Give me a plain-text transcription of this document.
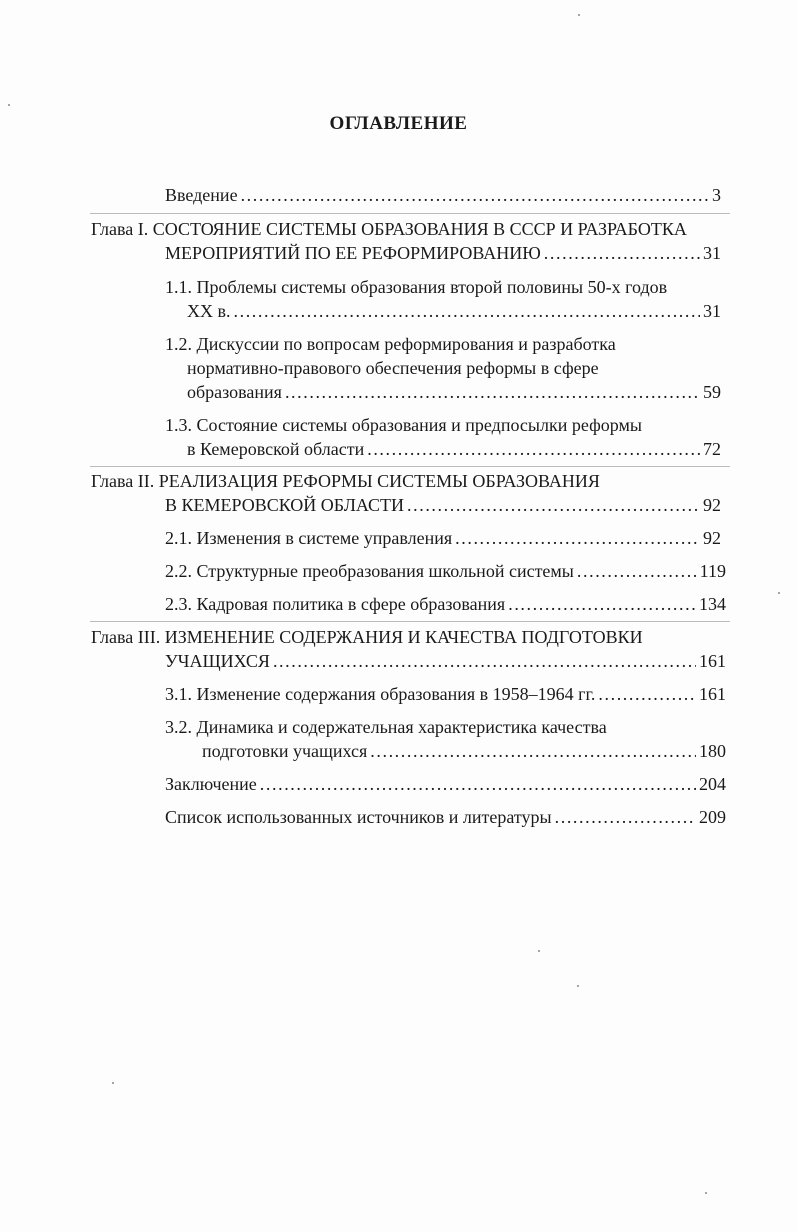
ОГЛАВЛЕНИЕ
Введение .....	3
Глава I. СОСТОЯНИЕ СИСТЕМЫ ОБРАЗОВАНИЯ В СССР И РАЗРАБОТКА
МЕРОПРИЯТИЙ ПО ЕЕ РЕФОРМИРОВАНИЮ .....	31
1.1. Проблемы системы образования второй половины 50-х годов
XX в. .....	31
1.2. Дискуссии по вопросам реформирования и разработка
нормативно-правового обеспечения реформы в сфере
образования .....	59
1.3. Состояние системы образования и предпосылки реформы
в Кемеровской области .....	72
Глава II. РЕАЛИЗАЦИЯ РЕФОРМЫ СИСТЕМЫ ОБРАЗОВАНИЯ
В КЕМЕРОВСКОЙ ОБЛАСТИ .....	92
2.1. Изменения в системе управления .....	92
2.2. Структурные преобразования школьной системы .....	119
2.3. Кадровая политика в сфере образования .....	134
Глава III. ИЗМЕНЕНИЕ СОДЕРЖАНИЯ И КАЧЕСТВА ПОДГОТОВКИ
УЧАЩИХСЯ .....	161
3.1. Изменение содержания образования в 1958–1964 гг. .....	161
3.2. Динамика и содержательная характеристика качества
подготовки учащихся .....	180
Заключение .....	204
Список использованных источников и литературы .....	209
